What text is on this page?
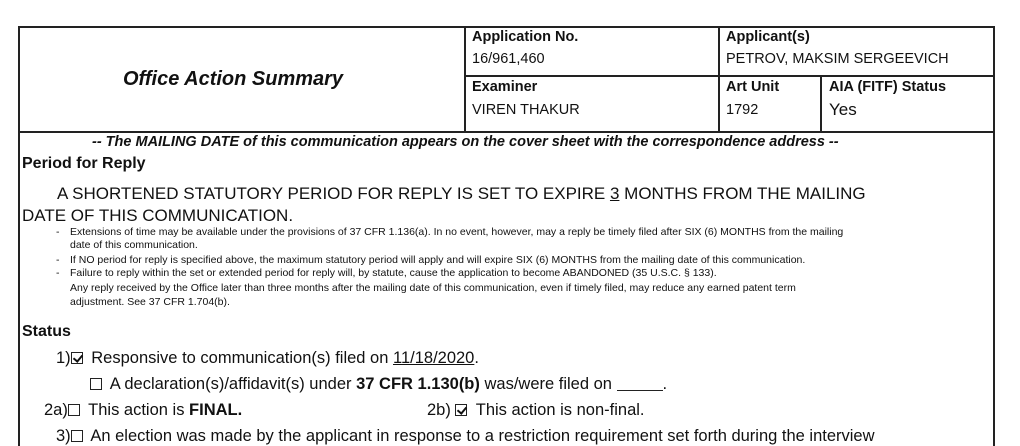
Office Action Summary
Application No.
16/961,460
Applicant(s)
PETROV, MAKSIM SERGEEVICH
Examiner
VIREN THAKUR
Art Unit
1792
AIA (FITF) Status
Yes
-- The MAILING DATE of this communication appears on the cover sheet with the correspondence address --
Period for Reply
A SHORTENED STATUTORY PERIOD FOR REPLY IS SET TO EXPIRE 3 MONTHS FROM THE MAILING
DATE OF THIS COMMUNICATION.
- Extensions of time may be available under the provisions of 37 CFR 1.136(a). In no event, however, may a reply be timely filed after SIX (6) MONTHS from the mailing
date of this communication.
- If NO period for reply is specified above, the maximum statutory period will apply and will expire SIX (6) MONTHS from the mailing date of this communication.
- Failure to reply within the set or extended period for reply will, by statute, cause the application to become ABANDONED (35 U.S.C. § 133).
Any reply received by the Office later than three months after the mailing date of this communication, even if timely filed, may reduce any earned patent term
adjustment. See 37 CFR 1.704(b).
Status
1) Responsive to communication(s) filed on 11/18/2020.
A declaration(s)/affidavit(s) under 37 CFR 1.130(b) was/were filed on	.
2a) This action is FINAL.	2b) This action is non-final.
3) An election was made by the applicant in response to a restriction requirement set forth during the interview
